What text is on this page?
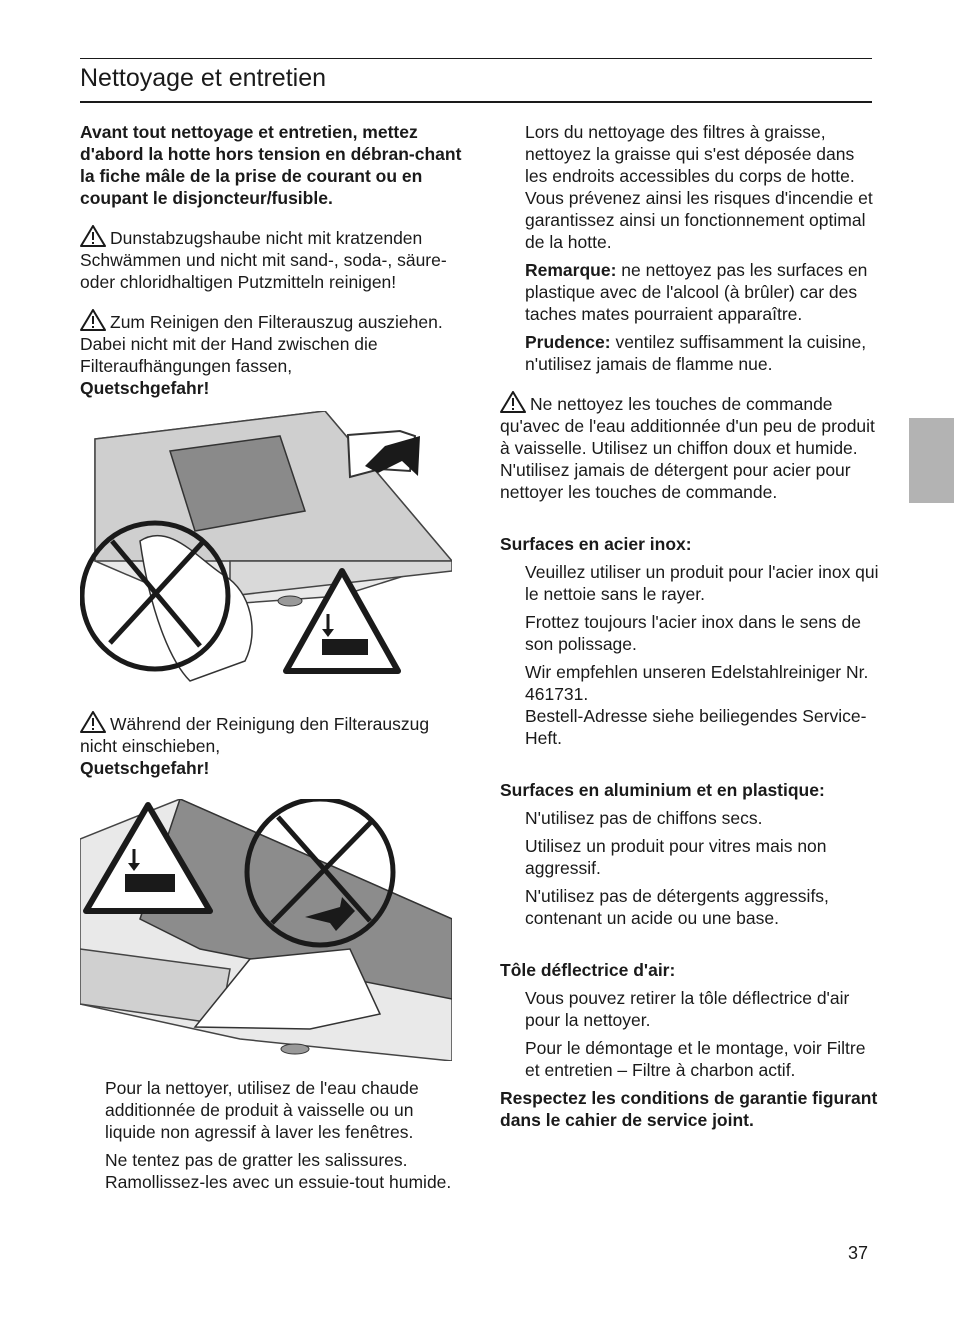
Nettoyage et entretien

Avant tout nettoyage et entretien, mettez d'abord la hotte hors tension en débran-chant la fiche mâle de la prise de courant ou en coupant le disjoncteur/fusible.

Dunstabzugshaube nicht mit kratzenden Schwämmen und nicht mit sand-, soda-, säure- oder chloridhaltigen Putzmitteln reinigen!

Zum Reinigen den Filterauszug ausziehen. Dabei nicht mit der Hand zwischen die Filteraufhängungen fassen,
Quetschgefahr!

Während der Reinigung den Filterauszug nicht einschieben,
Quetschgefahr!

Pour la nettoyer, utilisez de l'eau chaude additionnée de produit à vaisselle ou un liquide non agressif à laver les fenêtres.

Ne tentez pas de gratter les salissures. Ramollissez-les avec un essuie-tout humide.

Lors du nettoyage des filtres à graisse, nettoyez la graisse qui s'est déposée dans les endroits accessibles du corps de hotte. Vous prévenez ainsi les risques d'incendie et garantissez ainsi un fonctionnement optimal de la hotte.

Remarque: ne nettoyez pas les surfaces en plastique avec de l'alcool (à brûler) car des taches mates pourraient apparaître.

Prudence: ventilez suffisamment la cuisine, n'utilisez jamais de flamme nue.

Ne nettoyez les touches de commande qu'avec de l'eau additionnée d'un peu de produit à vaisselle. Utilisez un chiffon doux et humide.
N'utilisez jamais de détergent pour acier pour nettoyer les touches de commande.

Surfaces en acier inox:

Veuillez utiliser un produit pour l'acier inox qui le nettoie sans le rayer.

Frottez toujours l'acier inox dans le sens de son polissage.

Wir empfehlen unseren Edelstahlreiniger Nr. 461731.

Bestell-Adresse siehe beiliegendes Service-Heft.

Surfaces en aluminium et en plastique:

N'utilisez pas de chiffons secs.

Utilisez un produit pour vitres mais non aggressif.

N'utilisez pas de détergents aggressifs, contenant un acide ou une base.

Tôle déflectrice d'air:

Vous pouvez retirer la tôle déflectrice d'air pour la nettoyer.

Pour le démontage et le montage, voir Filtre et entretien – Filtre à charbon actif.

Respectez les conditions de garantie figurant dans le cahier de service joint.

37
